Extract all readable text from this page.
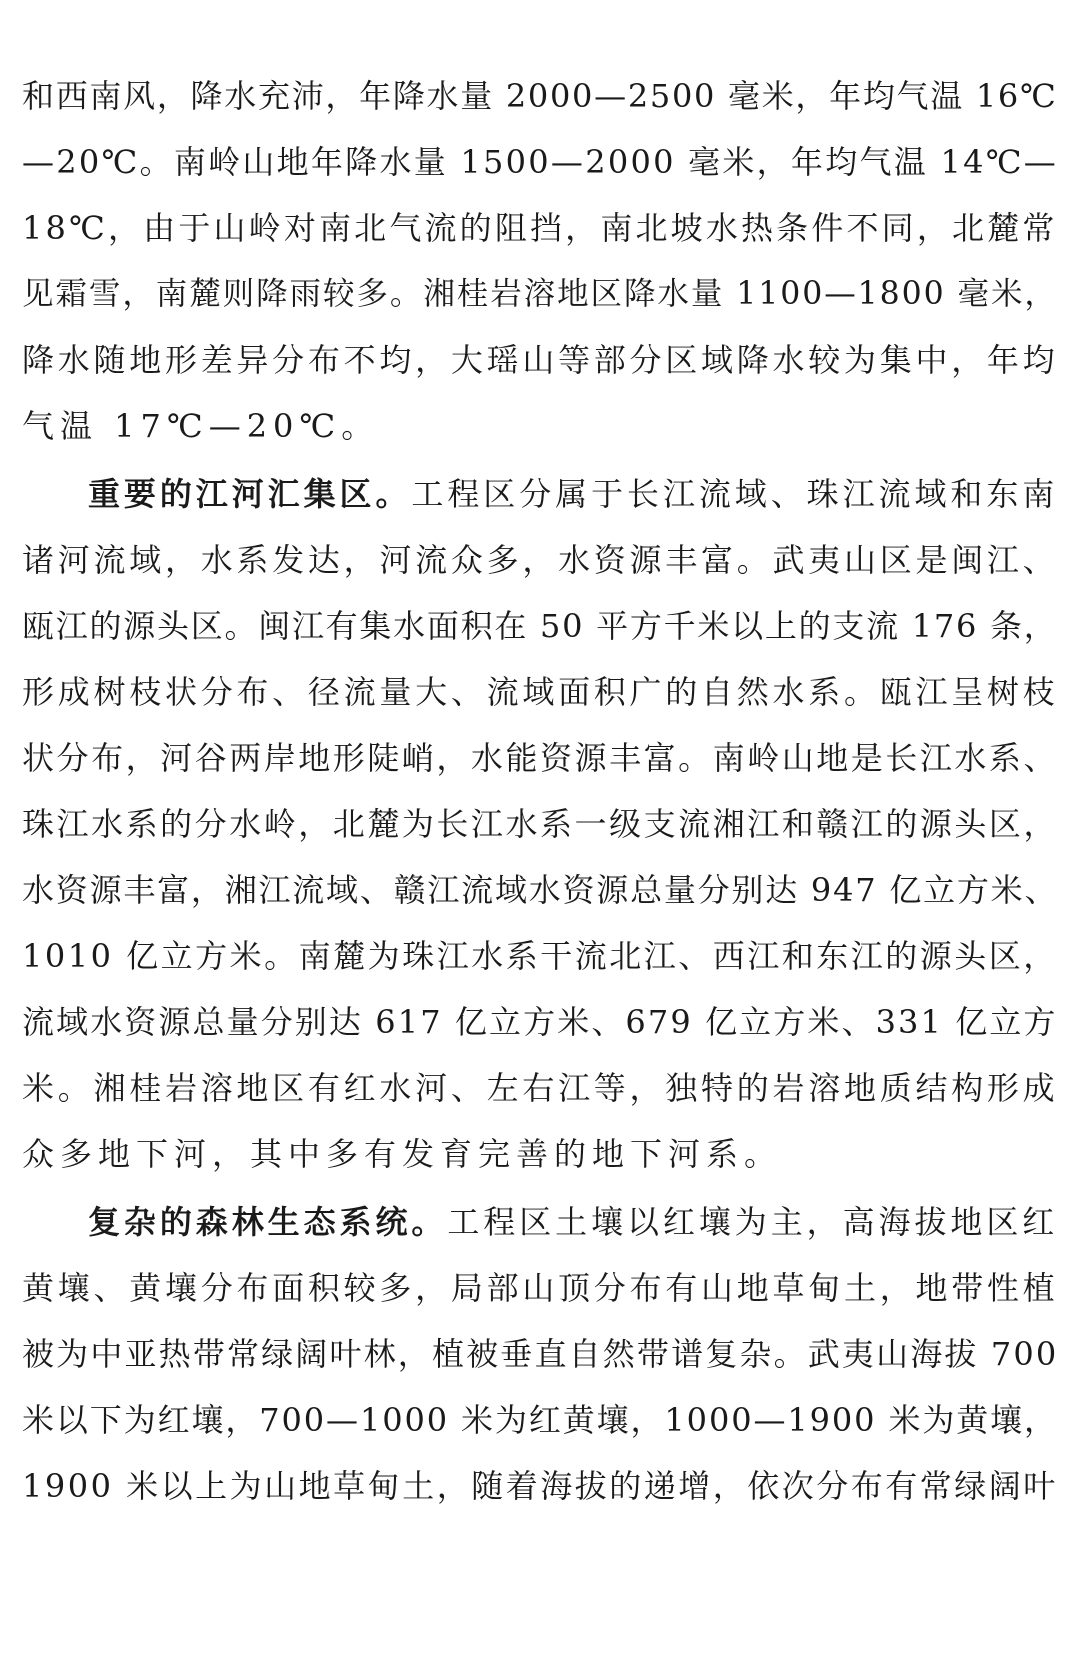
和西南风，降水充沛，年降水量 2000—2500 毫米，年均气温 16℃
—20℃。南岭山地年降水量 1500—2000 毫米，年均气温 14℃—
18℃，由于山岭对南北气流的阻挡，南北坡水热条件不同，北麓常
见霜雪，南麓则降雨较多。湘桂岩溶地区降水量 1100—1800 毫米，
降水随地形差异分布不均，大瑶山等部分区域降水较为集中，年均
气温 17℃—20℃。
重要的江河汇集区。工程区分属于长江流域、珠江流域和东南
诸河流域，水系发达，河流众多，水资源丰富。武夷山区是闽江、
瓯江的源头区。闽江有集水面积在 50 平方千米以上的支流 176 条，
形成树枝状分布、径流量大、流域面积广的自然水系。瓯江呈树枝
状分布，河谷两岸地形陡峭，水能资源丰富。南岭山地是长江水系、
珠江水系的分水岭，北麓为长江水系一级支流湘江和赣江的源头区，
水资源丰富，湘江流域、赣江流域水资源总量分别达 947 亿立方米、
1010 亿立方米。南麓为珠江水系干流北江、西江和东江的源头区，
流域水资源总量分别达 617 亿立方米、679 亿立方米、331 亿立方
米。湘桂岩溶地区有红水河、左右江等，独特的岩溶地质结构形成
众多地下河，其中多有发育完善的地下河系。
复杂的森林生态系统。工程区土壤以红壤为主，高海拔地区红
黄壤、黄壤分布面积较多，局部山顶分布有山地草甸土，地带性植
被为中亚热带常绿阔叶林，植被垂直自然带谱复杂。武夷山海拔 700
米以下为红壤，700—1000 米为红黄壤，1000—1900 米为黄壤，
1900 米以上为山地草甸土，随着海拔的递增，依次分布有常绿阔叶
